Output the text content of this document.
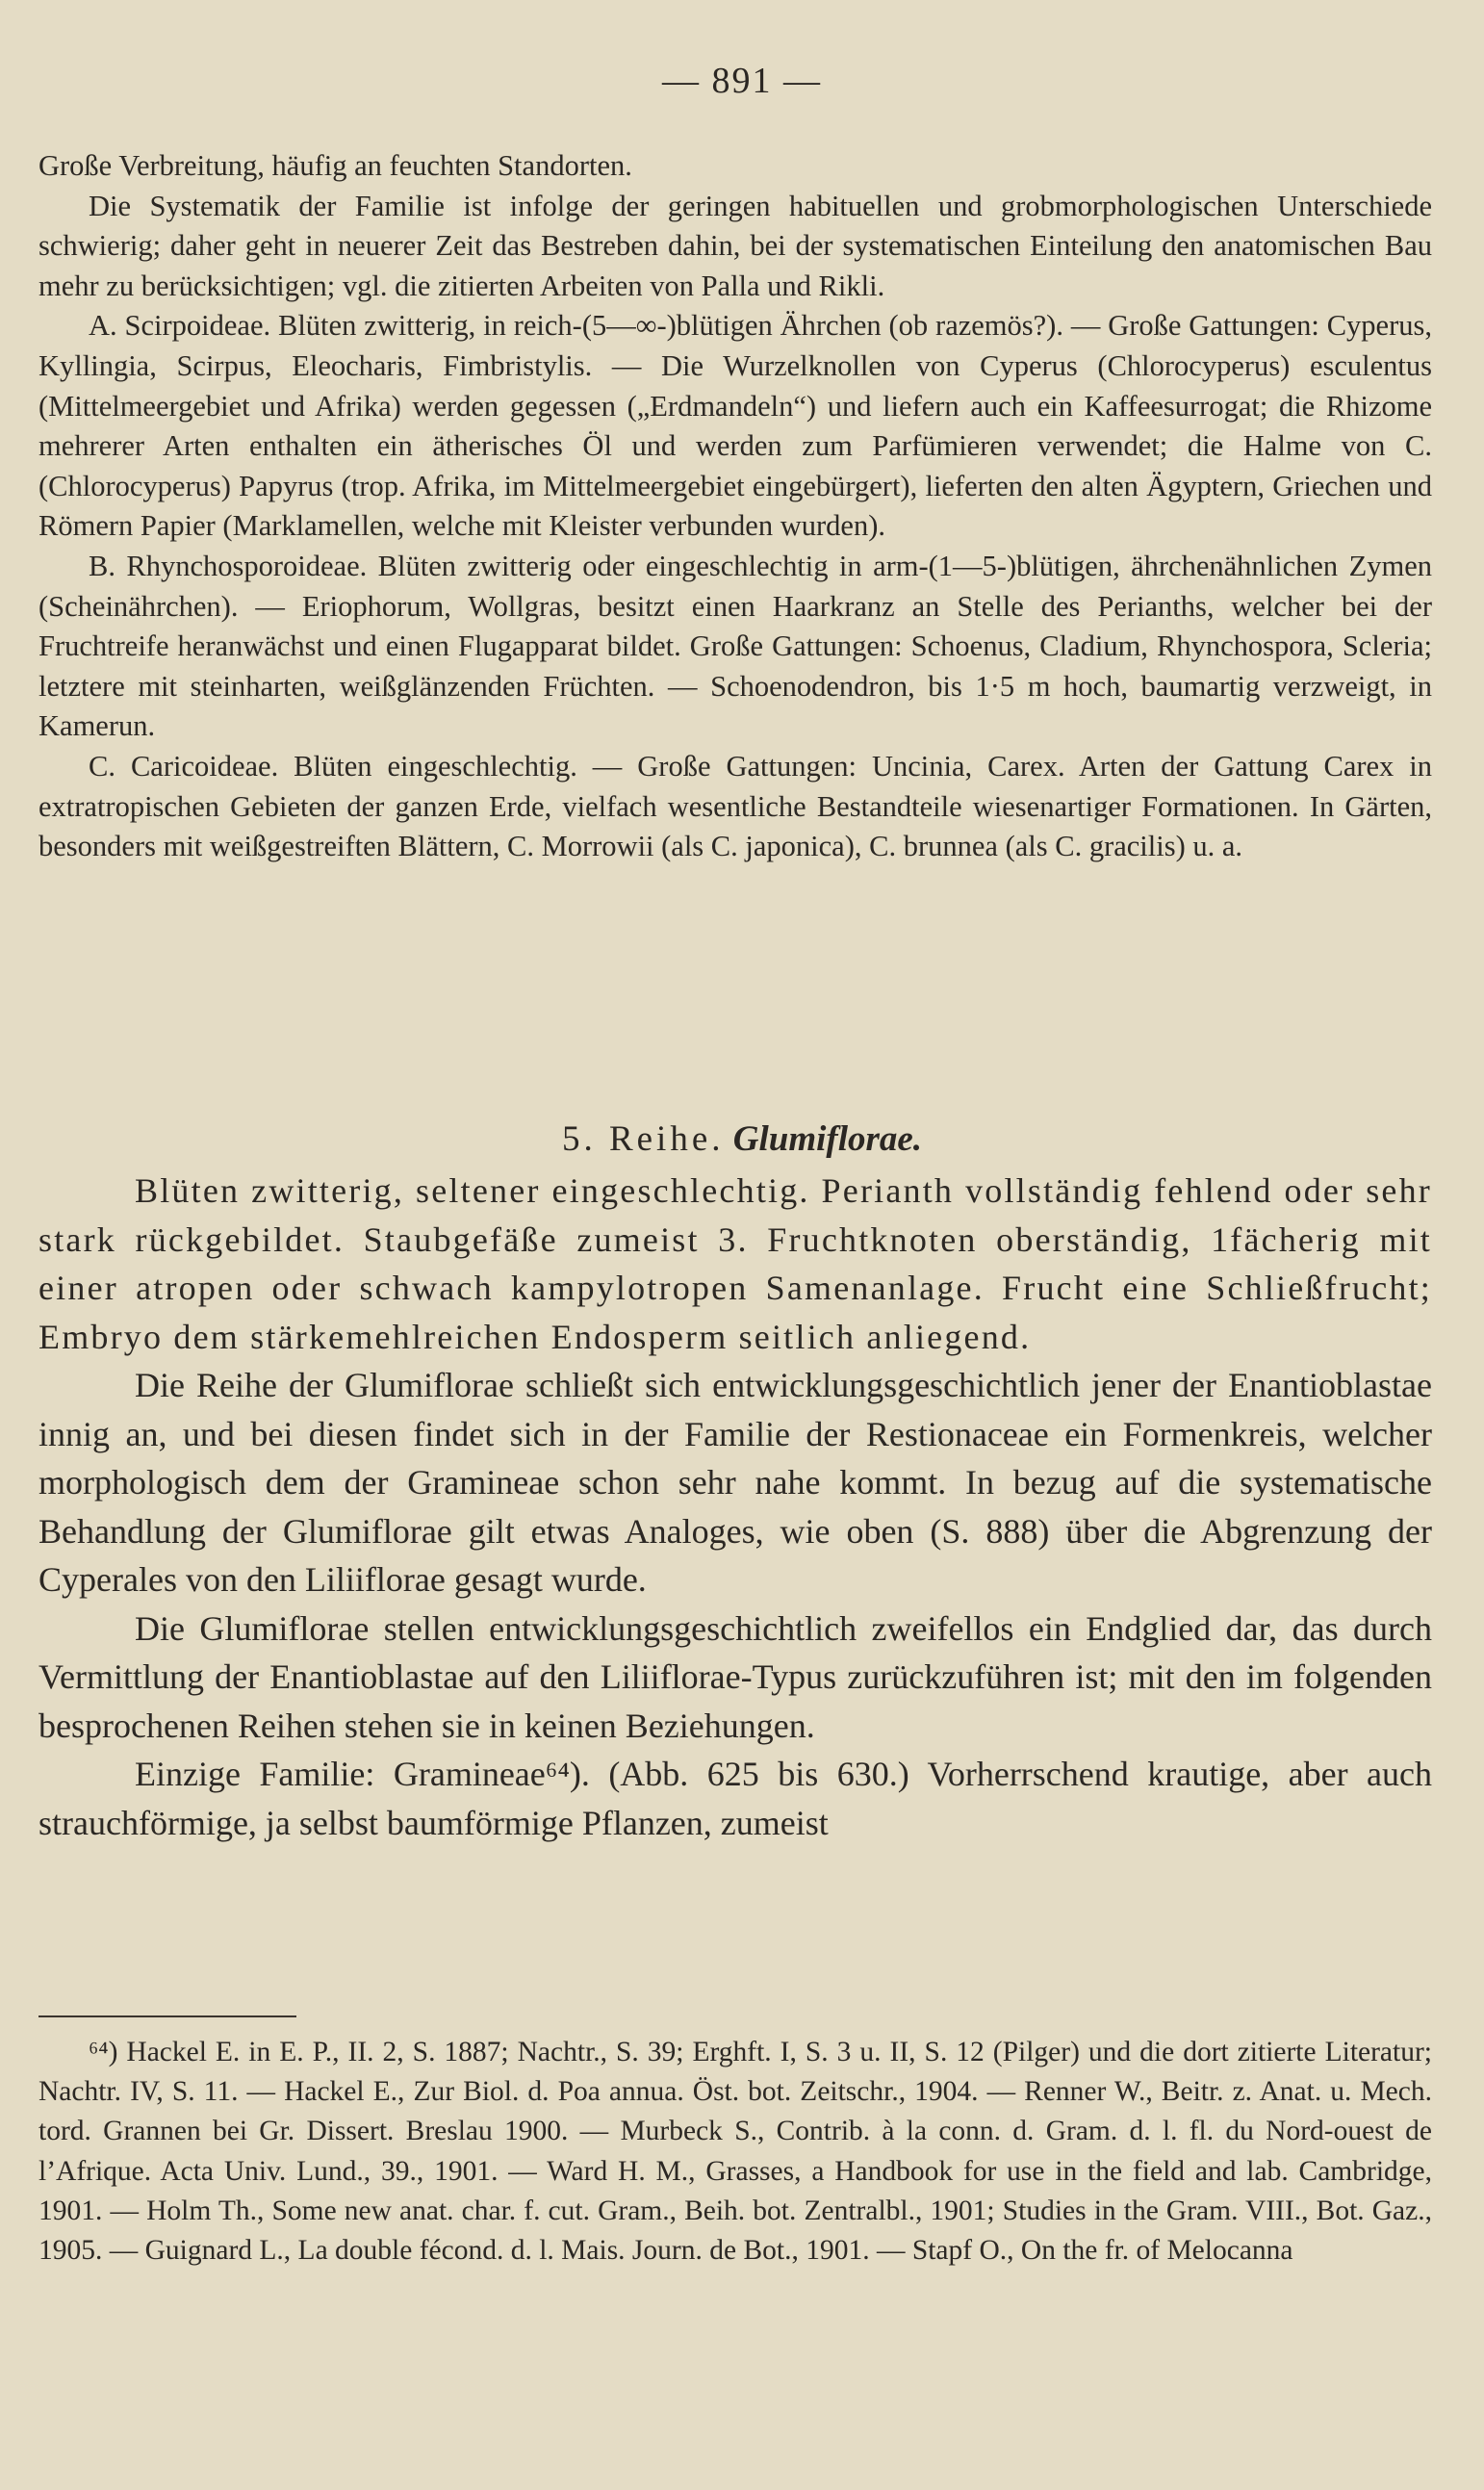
— 891 —

Große Verbreitung, häufig an feuchten Standorten.

Die Systematik der Familie ist infolge der geringen habituellen und grobmorphologischen Unterschiede schwierig; daher geht in neuerer Zeit das Bestreben dahin, bei der systematischen Einteilung den anatomischen Bau mehr zu berücksichtigen; vgl. die zitierten Arbeiten von Palla und Rikli.

A. Scirpoideae. Blüten zwitterig, in reich-(5—∞-)blütigen Ährchen (ob razemös?). — Große Gattungen: Cyperus, Kyllingia, Scirpus, Eleocharis, Fimbristylis. — Die Wurzelknollen von Cyperus (Chlorocyperus) esculentus (Mittelmeergebiet und Afrika) werden gegessen („Erdmandeln“) und liefern auch ein Kaffeesurrogat; die Rhizome mehrerer Arten enthalten ein ätherisches Öl und werden zum Parfümieren verwendet; die Halme von C. (Chlorocyperus) Papyrus (trop. Afrika, im Mittelmeergebiet eingebürgert), lieferten den alten Ägyptern, Griechen und Römern Papier (Marklamellen, welche mit Kleister verbunden wurden).

B. Rhynchosporoideae. Blüten zwitterig oder eingeschlechtig in arm-(1—5-)blütigen, ährchenähnlichen Zymen (Scheinährchen). — Eriophorum, Wollgras, besitzt einen Haarkranz an Stelle des Perianths, welcher bei der Fruchtreife heranwächst und einen Flugapparat bildet. Große Gattungen: Schoenus, Cladium, Rhynchospora, Scleria; letztere mit steinharten, weißglänzenden Früchten. — Schoenodendron, bis 1·5 m hoch, baumartig verzweigt, in Kamerun.

C. Caricoideae. Blüten eingeschlechtig. — Große Gattungen: Uncinia, Carex. Arten der Gattung Carex in extratropischen Gebieten der ganzen Erde, vielfach wesentliche Bestandteile wiesenartiger Formationen. In Gärten, besonders mit weißgestreiften Blättern, C. Morrowii (als C. japonica), C. brunnea (als C. gracilis) u. a.

5. Reihe. Glumiflorae.

Blüten zwitterig, seltener eingeschlechtig. Perianth vollständig fehlend oder sehr stark rückgebildet. Staubgefäße zumeist 3. Fruchtknoten oberständig, 1fächerig mit einer atropen oder schwach kampylotropen Samenanlage. Frucht eine Schließfrucht; Embryo dem stärkemehlreichen Endosperm seitlich anliegend.

Die Reihe der Glumiflorae schließt sich entwicklungsgeschichtlich jener der Enantioblastae innig an, und bei diesen findet sich in der Familie der Restionaceae ein Formenkreis, welcher morphologisch dem der Gramineae schon sehr nahe kommt. In bezug auf die systematische Behandlung der Glumiflorae gilt etwas Analoges, wie oben (S. 888) über die Abgrenzung der Cyperales von den Liliiflorae gesagt wurde.

Die Glumiflorae stellen entwicklungsgeschichtlich zweifellos ein Endglied dar, das durch Vermittlung der Enantioblastae auf den Liliiflorae-Typus zurückzuführen ist; mit den im folgenden besprochenen Reihen stehen sie in keinen Beziehungen.

Einzige Familie: Gramineae⁶⁴). (Abb. 625 bis 630.) Vorherrschend krautige, aber auch strauchförmige, ja selbst baumförmige Pflanzen, zumeist

⁶⁴) Hackel E. in E. P., II. 2, S. 1887; Nachtr., S. 39; Erghft. I, S. 3 u. II, S. 12 (Pilger) und die dort zitierte Literatur; Nachtr. IV, S. 11. — Hackel E., Zur Biol. d. Poa annua. Öst. bot. Zeitschr., 1904. — Renner W., Beitr. z. Anat. u. Mech. tord. Grannen bei Gr. Dissert. Breslau 1900. — Murbeck S., Contrib. à la conn. d. Gram. d. l. fl. du Nord-ouest de l’Afrique. Acta Univ. Lund., 39., 1901. — Ward H. M., Grasses, a Handbook for use in the field and lab. Cambridge, 1901. — Holm Th., Some new anat. char. f. cut. Gram., Beih. bot. Zentralbl., 1901; Studies in the Gram. VIII., Bot. Gaz., 1905. — Guignard L., La double fécond. d. l. Mais. Journ. de Bot., 1901. — Stapf O., On the fr. of Melocanna
